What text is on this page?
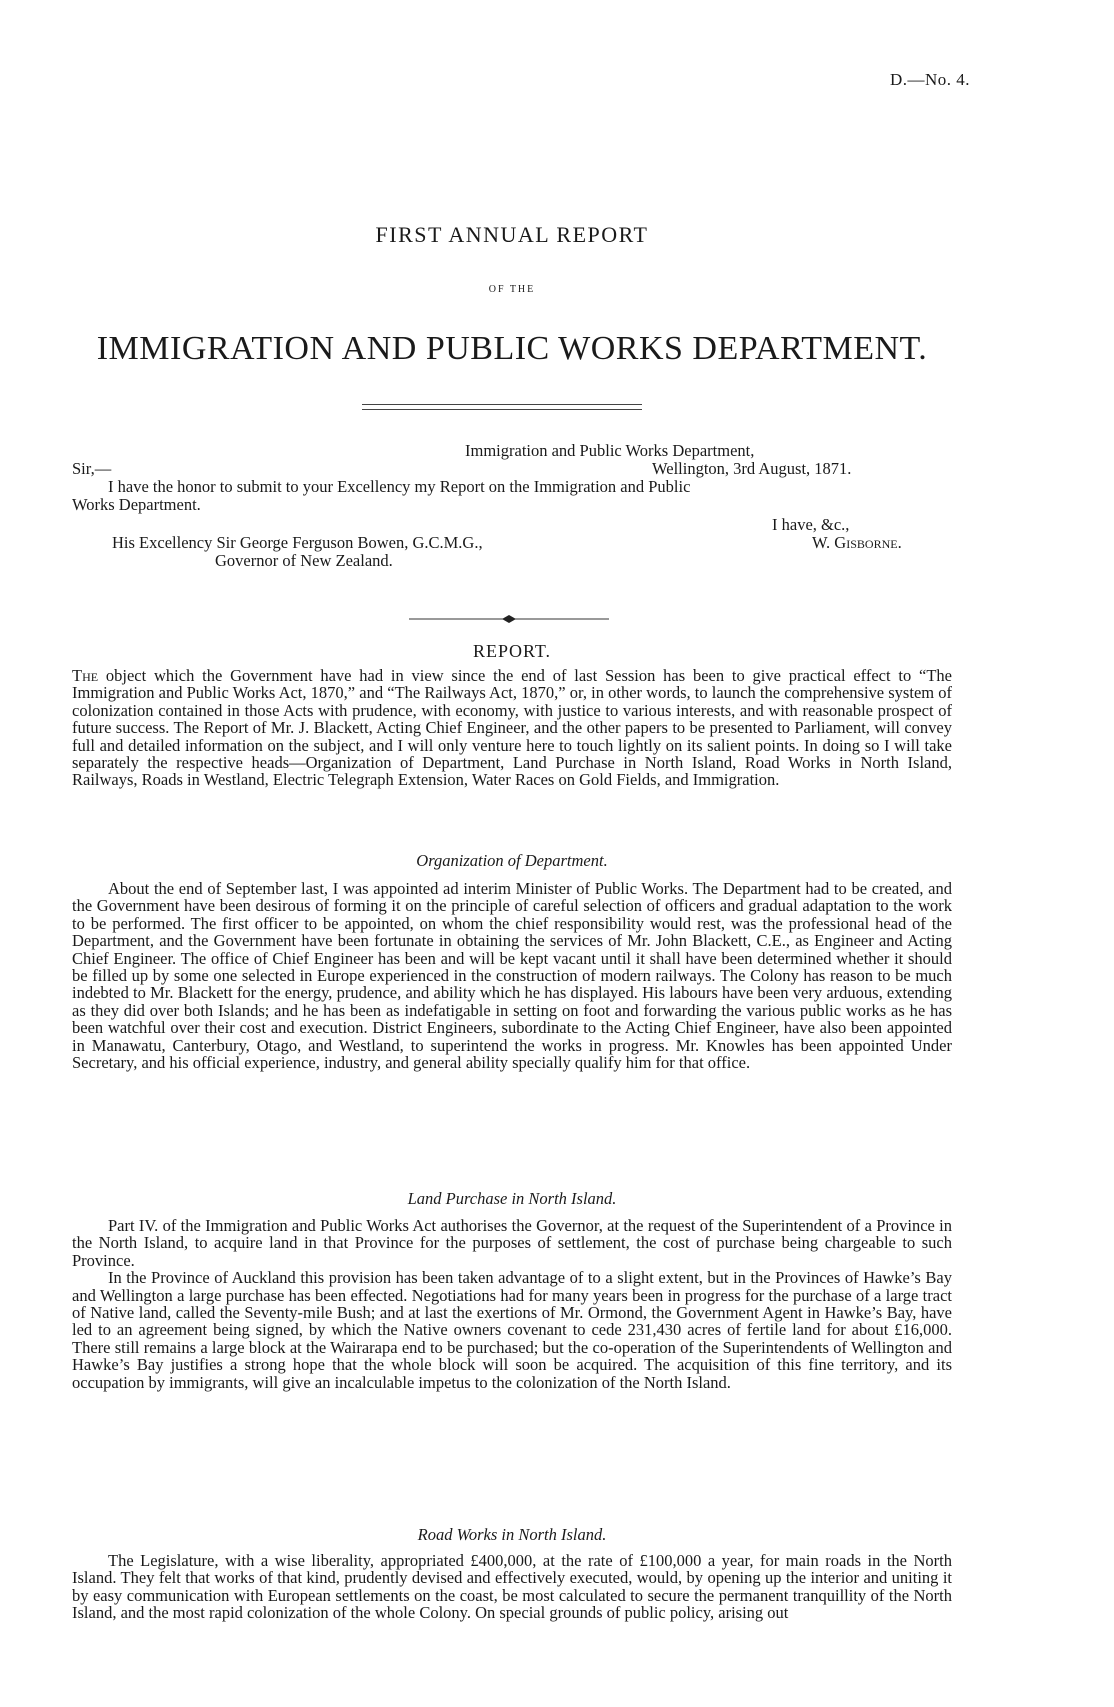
D.—No. 4.
FIRST ANNUAL REPORT
OF THE
IMMIGRATION AND PUBLIC WORKS DEPARTMENT.
Immigration and Public Works Department,
Sir,—	Wellington, 3rd August, 1871.
I have the honor to submit to your Excellency my Report on the Immigration and Public
Works Department.
I have, &c.,
His Excellency Sir George Ferguson Bowen, G.C.M.G.,	W. Gisborne.
Governor of New Zealand.
REPORT.

The object which the Government have had in view since the end of last Session has been to give practical effect to “The Immigration and Public Works Act, 1870,” and “The Railways Act, 1870,” or, in other words, to launch the comprehensive system of colonization contained in those Acts with prudence, with economy, with justice to various interests, and with reasonable prospect of future success. The Report of Mr. J. Blackett, Acting Chief Engineer, and the other papers to be presented to Parliament, will convey full and detailed information on the subject, and I will only venture here to touch lightly on its salient points. In doing so I will take separately the respective heads—Organization of Department, Land Purchase in North Island, Road Works in North Island, Railways, Roads in Westland, Electric Telegraph Extension, Water Races on Gold Fields, and Immigration.

Organization of Department.

About the end of September last, I was appointed ad interim Minister of Public Works. The Department had to be created, and the Government have been desirous of forming it on the principle of careful selection of officers and gradual adaptation to the work to be performed. The first officer to be appointed, on whom the chief responsibility would rest, was the professional head of the Department, and the Government have been fortunate in obtaining the services of Mr. John Blackett, C.E., as Engineer and Acting Chief Engineer. The office of Chief Engineer has been and will be kept vacant until it shall have been determined whether it should be filled up by some one selected in Europe experienced in the construction of modern railways. The Colony has reason to be much indebted to Mr. Blackett for the energy, prudence, and ability which he has displayed. His labours have been very arduous, extending as they did over both Islands; and he has been as indefatigable in setting on foot and forwarding the various public works as he has been watchful over their cost and execution. District Engineers, subordinate to the Acting Chief Engineer, have also been appointed in Manawatu, Canterbury, Otago, and Westland, to superintend the works in progress. Mr. Knowles has been appointed Under Secretary, and his official experience, industry, and general ability specially qualify him for that office.

Land Purchase in North Island.

Part IV. of the Immigration and Public Works Act authorises the Governor, at the request of the Superintendent of a Province in the North Island, to acquire land in that Province for the purposes of settlement, the cost of purchase being chargeable to such Province.

In the Province of Auckland this provision has been taken advantage of to a slight extent, but in the Provinces of Hawke’s Bay and Wellington a large purchase has been effected. Negotiations had for many years been in progress for the purchase of a large tract of Native land, called the Seventy-mile Bush; and at last the exertions of Mr. Ormond, the Government Agent in Hawke’s Bay, have led to an agreement being signed, by which the Native owners covenant to cede 231,430 acres of fertile land for about £16,000. There still remains a large block at the Wairarapa end to be purchased; but the co-operation of the Superintendents of Wellington and Hawke’s Bay justifies a strong hope that the whole block will soon be acquired. The acquisition of this fine territory, and its occupation by immigrants, will give an incalculable impetus to the colonization of the North Island.

Road Works in North Island.

The Legislature, with a wise liberality, appropriated £400,000, at the rate of £100,000 a year, for main roads in the North Island. They felt that works of that kind, prudently devised and effectively executed, would, by opening up the interior and uniting it by easy communication with European settlements on the coast, be most calculated to secure the permanent tranquillity of the North Island, and the most rapid colonization of the whole Colony. On special grounds of public policy, arising out
